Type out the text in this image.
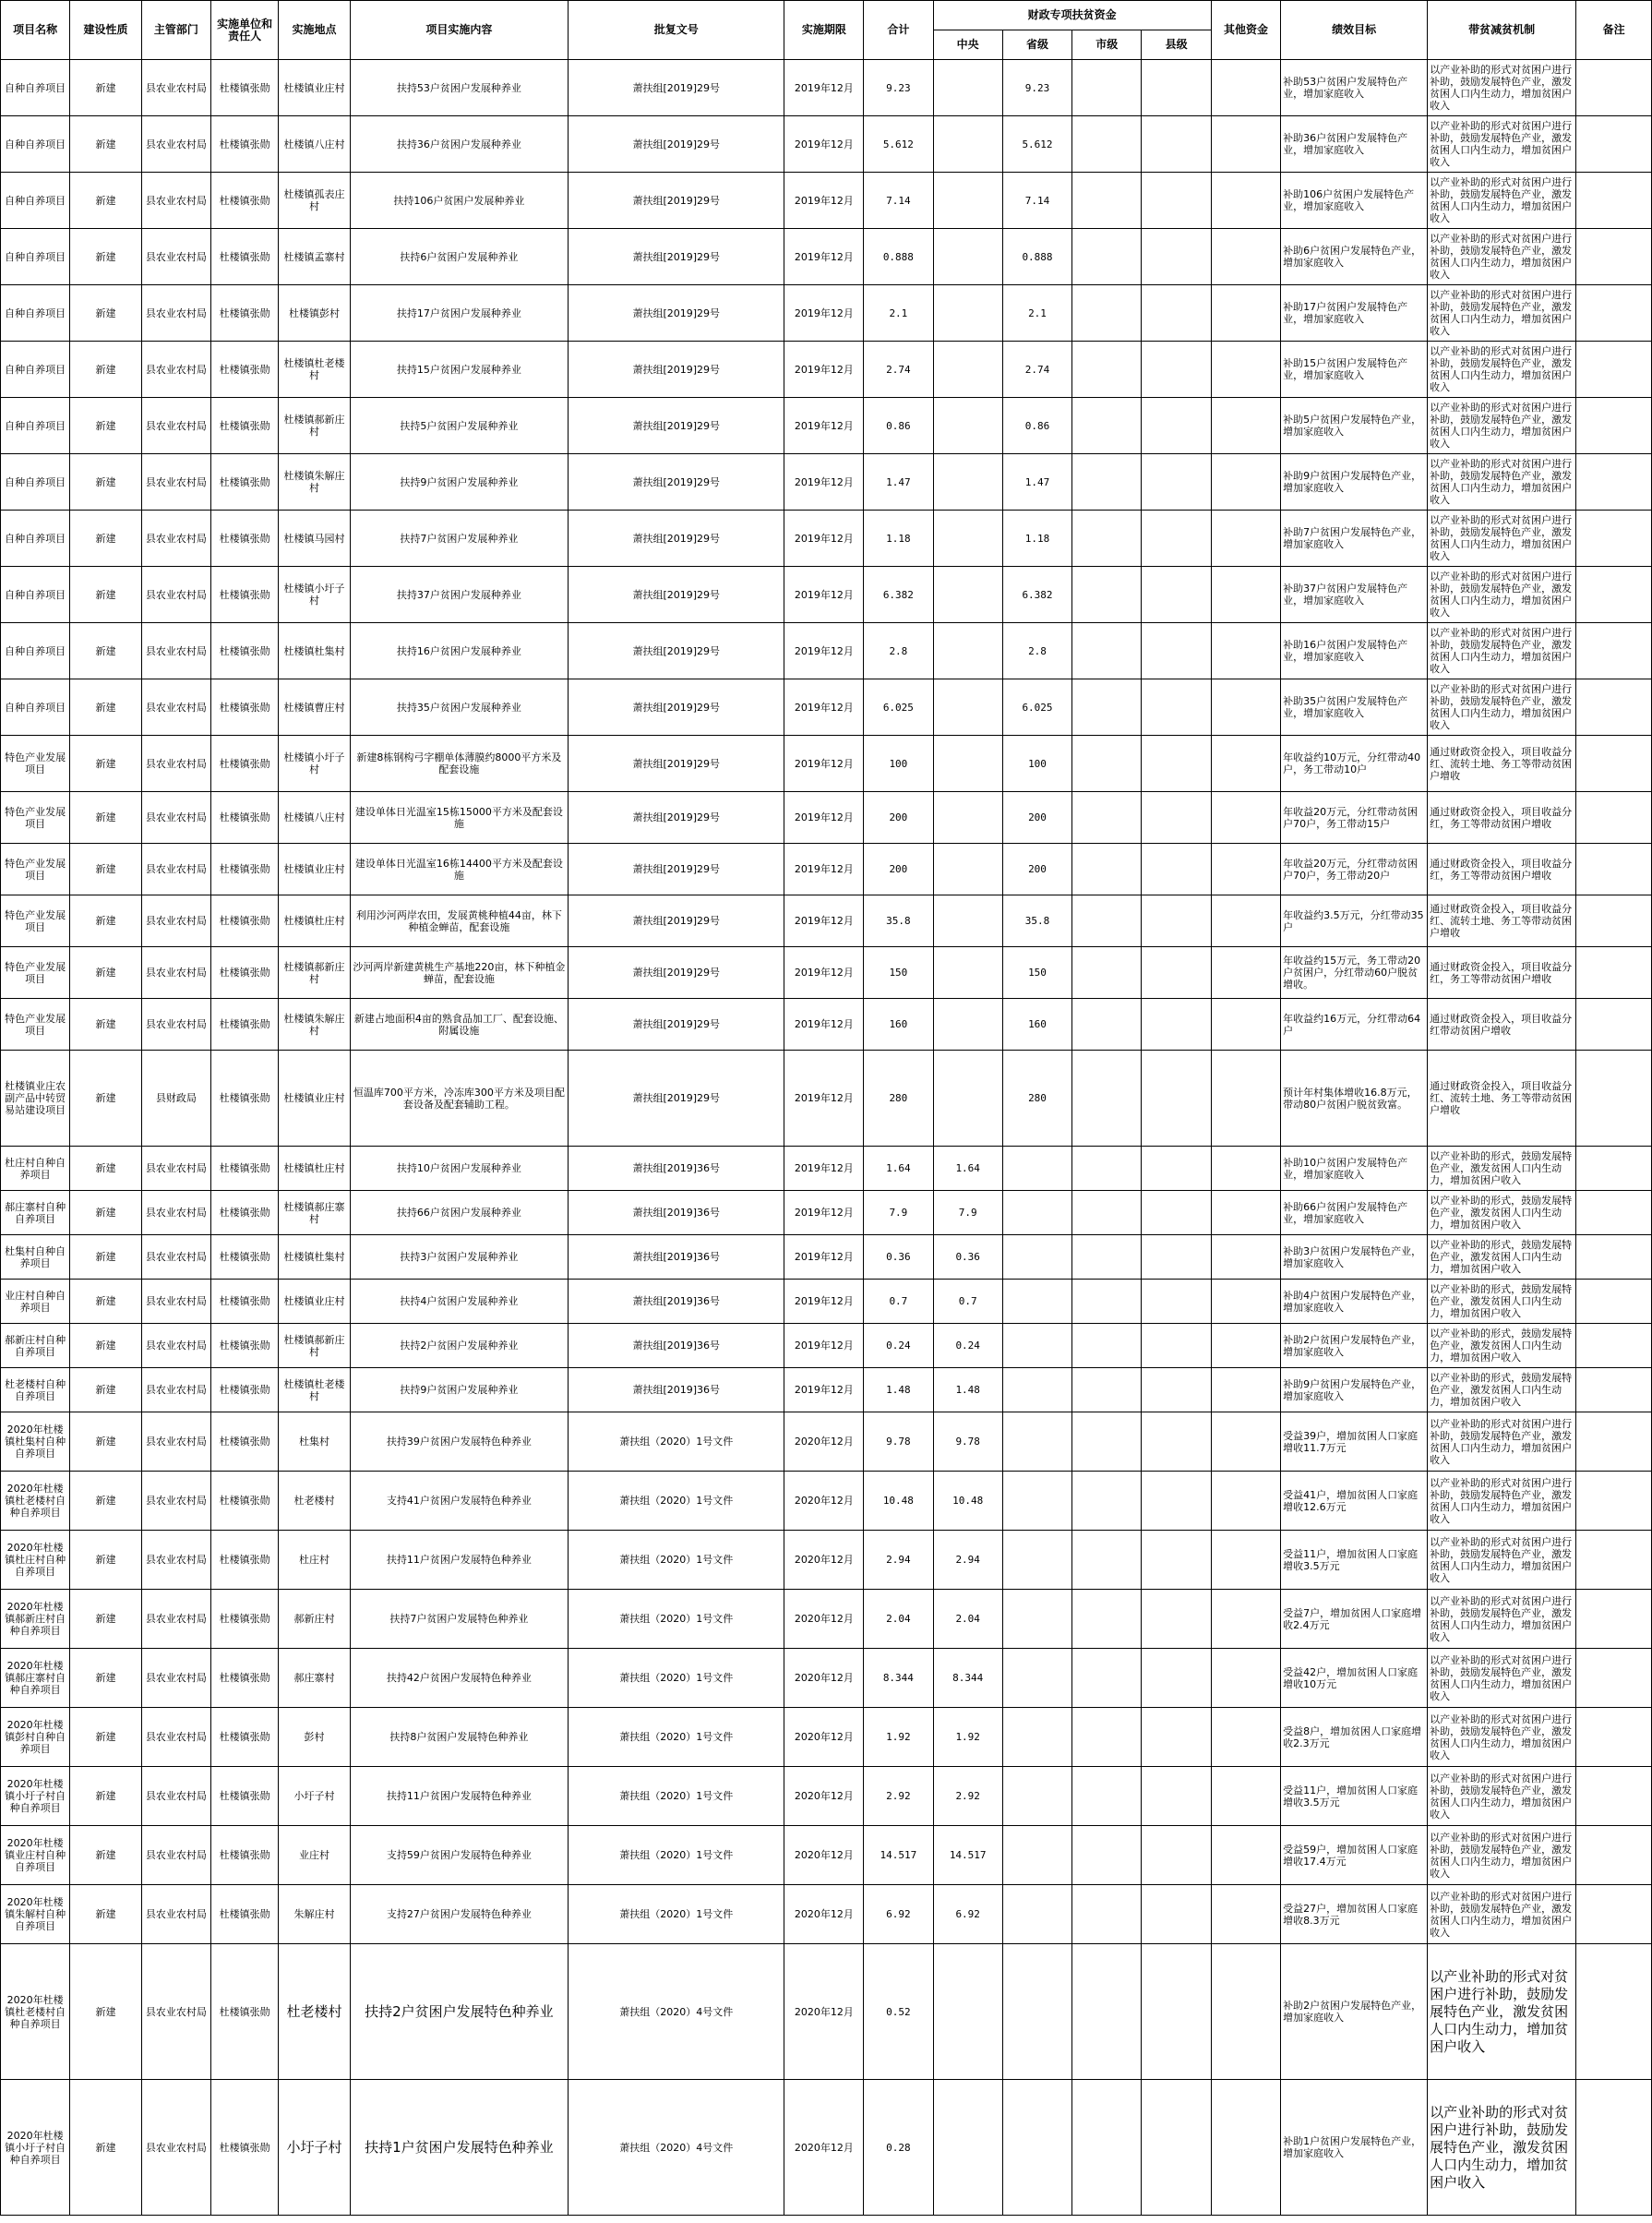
项目名称	建设性质	主管部门	实施单位和责任人	实施地点	项目实施内容	批复文号	实施期限	合计	财政专项扶贫资金				其他资金	绩效目标	带贫减贫机制	备注
									中央	省级	市级	县级				
自种自养项目	新建	县农业农村局	杜楼镇张勋	杜楼镇业庄村	扶持53户贫困户发展种养业	萧扶组[2019]29号	2019年12月	9.23		9.23				补助53户贫困户发展特色产业，增加家庭收入	以产业补助的形式对贫困户进行补助，鼓励发展特色产业，激发贫困人口内生动力，增加贫困户收入	
自种自养项目	新建	县农业农村局	杜楼镇张勋	杜楼镇八庄村	扶持36户贫困户发展种养业	萧扶组[2019]29号	2019年12月	5.612		5.612				补助36户贫困户发展特色产业，增加家庭收入	以产业补助的形式对贫困户进行补助，鼓励发展特色产业，激发贫困人口内生动力，增加贫困户收入	
自种自养项目	新建	县农业农村局	杜楼镇张勋	杜楼镇孤表庄村	扶持106户贫困户发展种养业	萧扶组[2019]29号	2019年12月	7.14		7.14				补助106户贫困户发展特色产业，增加家庭收入	以产业补助的形式对贫困户进行补助，鼓励发展特色产业，激发贫困人口内生动力，增加贫困户收入	
自种自养项目	新建	县农业农村局	杜楼镇张勋	杜楼镇孟寨村	扶持6户贫困户发展种养业	萧扶组[2019]29号	2019年12月	0.888		0.888				补助6户贫困户发展特色产业，增加家庭收入	以产业补助的形式对贫困户进行补助，鼓励发展特色产业，激发贫困人口内生动力，增加贫困户收入	
自种自养项目	新建	县农业农村局	杜楼镇张勋	杜楼镇彭村	扶持17户贫困户发展种养业	萧扶组[2019]29号	2019年12月	2.1		2.1				补助17户贫困户发展特色产业，增加家庭收入	以产业补助的形式对贫困户进行补助，鼓励发展特色产业，激发贫困人口内生动力，增加贫困户收入	
自种自养项目	新建	县农业农村局	杜楼镇张勋	杜楼镇杜老楼村	扶持15户贫困户发展种养业	萧扶组[2019]29号	2019年12月	2.74		2.74				补助15户贫困户发展特色产业，增加家庭收入	以产业补助的形式对贫困户进行补助，鼓励发展特色产业，激发贫困人口内生动力，增加贫困户收入	
自种自养项目	新建	县农业农村局	杜楼镇张勋	杜楼镇郝新庄村	扶持5户贫困户发展种养业	萧扶组[2019]29号	2019年12月	0.86		0.86				补助5户贫困户发展特色产业，增加家庭收入	以产业补助的形式对贫困户进行补助，鼓励发展特色产业，激发贫困人口内生动力，增加贫困户收入	
自种自养项目	新建	县农业农村局	杜楼镇张勋	杜楼镇朱解庄村	扶持9户贫困户发展种养业	萧扶组[2019]29号	2019年12月	1.47		1.47				补助9户贫困户发展特色产业，增加家庭收入	以产业补助的形式对贫困户进行补助，鼓励发展特色产业，激发贫困人口内生动力，增加贫困户收入	
自种自养项目	新建	县农业农村局	杜楼镇张勋	杜楼镇马园村	扶持7户贫困户发展种养业	萧扶组[2019]29号	2019年12月	1.18		1.18				补助7户贫困户发展特色产业，增加家庭收入	以产业补助的形式对贫困户进行补助，鼓励发展特色产业，激发贫困人口内生动力，增加贫困户收入	
自种自养项目	新建	县农业农村局	杜楼镇张勋	杜楼镇小圩子村	扶持37户贫困户发展种养业	萧扶组[2019]29号	2019年12月	6.382		6.382				补助37户贫困户发展特色产业，增加家庭收入	以产业补助的形式对贫困户进行补助，鼓励发展特色产业，激发贫困人口内生动力，增加贫困户收入	
自种自养项目	新建	县农业农村局	杜楼镇张勋	杜楼镇杜集村	扶持16户贫困户发展种养业	萧扶组[2019]29号	2019年12月	2.8		2.8				补助16户贫困户发展特色产业，增加家庭收入	以产业补助的形式对贫困户进行补助，鼓励发展特色产业，激发贫困人口内生动力，增加贫困户收入	
自种自养项目	新建	县农业农村局	杜楼镇张勋	杜楼镇曹庄村	扶持35户贫困户发展种养业	萧扶组[2019]29号	2019年12月	6.025		6.025				补助35户贫困户发展特色产业，增加家庭收入	以产业补助的形式对贫困户进行补助，鼓励发展特色产业，激发贫困人口内生动力，增加贫困户收入	
特色产业发展项目	新建	县农业农村局	杜楼镇张勋	杜楼镇小圩子村	新建8栋钢构弓字棚单体薄膜约8000平方米及配套设施	萧扶组[2019]29号	2019年12月	100		100				年收益约10万元，分红带动40户，务工带动10户	通过财政资金投入，项目收益分红、流转土地、务工等带动贫困户增收	
特色产业发展项目	新建	县农业农村局	杜楼镇张勋	杜楼镇八庄村	建设单体日光温室15栋15000平方米及配套设施	萧扶组[2019]29号	2019年12月	200		200				年收益20万元，分红带动贫困户70户，务工带动15户	通过财政资金投入，项目收益分红，务工等带动贫困户增收	
特色产业发展项目	新建	县农业农村局	杜楼镇张勋	杜楼镇业庄村	建设单体日光温室16栋14400平方米及配套设施	萧扶组[2019]29号	2019年12月	200		200				年收益20万元，分红带动贫困户70户，务工带动20户	通过财政资金投入，项目收益分红，务工等带动贫困户增收	
特色产业发展项目	新建	县农业农村局	杜楼镇张勋	杜楼镇杜庄村	利用沙河两岸农田，发展黄桃种植44亩，林下种植金蝉苗，配套设施	萧扶组[2019]29号	2019年12月	35.8		35.8				年收益约3.5万元，分红带动35户	通过财政资金投入，项目收益分红、流转土地、务工等带动贫困户增收	
特色产业发展项目	新建	县农业农村局	杜楼镇张勋	杜楼镇郝新庄村	沙河两岸新建黄桃生产基地220亩，林下种植金蝉苗，配套设施	萧扶组[2019]29号	2019年12月	150		150				年收益约15万元，务工带动20户贫困户，分红带动60户脱贫增收。	通过财政资金投入，项目收益分红，务工等带动贫困户增收	
特色产业发展项目	新建	县农业农村局	杜楼镇张勋	杜楼镇朱解庄村	新建占地面积4亩的熟食品加工厂、配套设施、附属设施	萧扶组[2019]29号	2019年12月	160		160				年收益约16万元，分红带动64户	通过财政资金投入，项目收益分红带动贫困户增收	
杜楼镇业庄农副产品中转贸易站建设项目	新建	县财政局	杜楼镇张勋	杜楼镇业庄村	恒温库700平方米，冷冻库300平方米及项目配套设备及配套辅助工程。	萧扶组[2019]29号	2019年12月	280		280				预计年村集体增收16.8万元，带动80户贫困户脱贫致富。	通过财政资金投入，项目收益分红、流转土地、务工等带动贫困户增收	
杜庄村自种自养项目	新建	县农业农村局	杜楼镇张勋	杜楼镇杜庄村	扶持10户贫困户发展种养业	萧扶组[2019]36号	2019年12月	1.64	1.64					补助10户贫困户发展特色产业，增加家庭收入	以产业补助的形式，鼓励发展特色产业，激发贫困人口内生动力，增加贫困户收入	
郝庄寨村自种自养项目	新建	县农业农村局	杜楼镇张勋	杜楼镇郝庄寨村	扶持66户贫困户发展种养业	萧扶组[2019]36号	2019年12月	7.9	7.9					补助66户贫困户发展特色产业，增加家庭收入	以产业补助的形式，鼓励发展特色产业，激发贫困人口内生动力，增加贫困户收入	
杜集村自种自养项目	新建	县农业农村局	杜楼镇张勋	杜楼镇杜集村	扶持3户贫困户发展种养业	萧扶组[2019]36号	2019年12月	0.36	0.36					补助3户贫困户发展特色产业，增加家庭收入	以产业补助的形式，鼓励发展特色产业，激发贫困人口内生动力，增加贫困户收入	
业庄村自种自养项目	新建	县农业农村局	杜楼镇张勋	杜楼镇业庄村	扶持4户贫困户发展种养业	萧扶组[2019]36号	2019年12月	0.7	0.7					补助4户贫困户发展特色产业，增加家庭收入	以产业补助的形式，鼓励发展特色产业，激发贫困人口内生动力，增加贫困户收入	
郝新庄村自种自养项目	新建	县农业农村局	杜楼镇张勋	杜楼镇郝新庄村	扶持2户贫困户发展种养业	萧扶组[2019]36号	2019年12月	0.24	0.24					补助2户贫困户发展特色产业，增加家庭收入	以产业补助的形式，鼓励发展特色产业，激发贫困人口内生动力，增加贫困户收入	
杜老楼村自种自养项目	新建	县农业农村局	杜楼镇张勋	杜楼镇杜老楼村	扶持9户贫困户发展种养业	萧扶组[2019]36号	2019年12月	1.48	1.48					补助9户贫困户发展特色产业，增加家庭收入	以产业补助的形式，鼓励发展特色产业，激发贫困人口内生动力，增加贫困户收入	
2020年杜楼镇杜集村自种自养项目	新建	县农业农村局	杜楼镇张勋	杜集村	扶持39户贫困户发展特色种养业	萧扶组（2020）1号文件	2020年12月	9.78	9.78					受益39户，增加贫困人口家庭增收11.7万元	以产业补助的形式对贫困户进行补助，鼓励发展特色产业，激发贫困人口内生动力，增加贫困户收入	
2020年杜楼镇杜老楼村自种自养项目	新建	县农业农村局	杜楼镇张勋	杜老楼村	支持41户贫困户发展特色种养业	萧扶组（2020）1号文件	2020年12月	10.48	10.48					受益41户，增加贫困人口家庭增收12.6万元	以产业补助的形式对贫困户进行补助，鼓励发展特色产业，激发贫困人口内生动力，增加贫困户收入	
2020年杜楼镇杜庄村自种自养项目	新建	县农业农村局	杜楼镇张勋	杜庄村	扶持11户贫困户发展特色种养业	萧扶组（2020）1号文件	2020年12月	2.94	2.94					受益11户，增加贫困人口家庭增收3.5万元	以产业补助的形式对贫困户进行补助，鼓励发展特色产业，激发贫困人口内生动力，增加贫困户收入	
2020年杜楼镇郝新庄村自种自养项目	新建	县农业农村局	杜楼镇张勋	郝新庄村	扶持7户贫困户发展特色种养业	萧扶组（2020）1号文件	2020年12月	2.04	2.04					受益7户，增加贫困人口家庭增收2.4万元	以产业补助的形式对贫困户进行补助，鼓励发展特色产业，激发贫困人口内生动力，增加贫困户收入	
2020年杜楼镇郝庄寨村自种自养项目	新建	县农业农村局	杜楼镇张勋	郝庄寨村	扶持42户贫困户发展特色种养业	萧扶组（2020）1号文件	2020年12月	8.344	8.344					受益42户，增加贫困人口家庭增收10万元	以产业补助的形式对贫困户进行补助，鼓励发展特色产业，激发贫困人口内生动力，增加贫困户收入	
2020年杜楼镇彭村自种自养项目	新建	县农业农村局	杜楼镇张勋	彭村	扶持8户贫困户发展特色种养业	萧扶组（2020）1号文件	2020年12月	1.92	1.92					受益8户，增加贫困人口家庭增收2.3万元	以产业补助的形式对贫困户进行补助，鼓励发展特色产业，激发贫困人口内生动力，增加贫困户收入	
2020年杜楼镇小圩子村自种自养项目	新建	县农业农村局	杜楼镇张勋	小圩子村	扶持11户贫困户发展特色种养业	萧扶组（2020）1号文件	2020年12月	2.92	2.92					受益11户，增加贫困人口家庭增收3.5万元	以产业补助的形式对贫困户进行补助，鼓励发展特色产业，激发贫困人口内生动力，增加贫困户收入	
2020年杜楼镇业庄村自种自养项目	新建	县农业农村局	杜楼镇张勋	业庄村	支持59户贫困户发展特色种养业	萧扶组（2020）1号文件	2020年12月	14.517	14.517					受益59户，增加贫困人口家庭增收17.4万元	以产业补助的形式对贫困户进行补助，鼓励发展特色产业，激发贫困人口内生动力，增加贫困户收入	
2020年杜楼镇朱解村自种自养项目	新建	县农业农村局	杜楼镇张勋	朱解庄村	支持27户贫困户发展特色种养业	萧扶组（2020）1号文件	2020年12月	6.92	6.92					受益27户，增加贫困人口家庭增收8.3万元	以产业补助的形式对贫困户进行补助，鼓励发展特色产业，激发贫困人口内生动力，增加贫困户收入	
2020年杜楼镇杜老楼村自种自养项目	新建	县农业农村局	杜楼镇张勋	杜老楼村	扶持2户贫困户发展特色种养业	萧扶组（2020）4号文件	2020年12月	0.52						补助2户贫困户发展特色产业，增加家庭收入	以产业补助的形式对贫困户进行补助，鼓励发展特色产业，激发贫困人口内生动力，增加贫困户收入	
2020年杜楼镇小圩子村自种自养项目	新建	县农业农村局	杜楼镇张勋	小圩子村	扶持1户贫困户发展特色种养业	萧扶组（2020）4号文件	2020年12月	0.28						补助1户贫困户发展特色产业，增加家庭收入	以产业补助的形式对贫困户进行补助，鼓励发展特色产业，激发贫困人口内生动力，增加贫困户收入	
